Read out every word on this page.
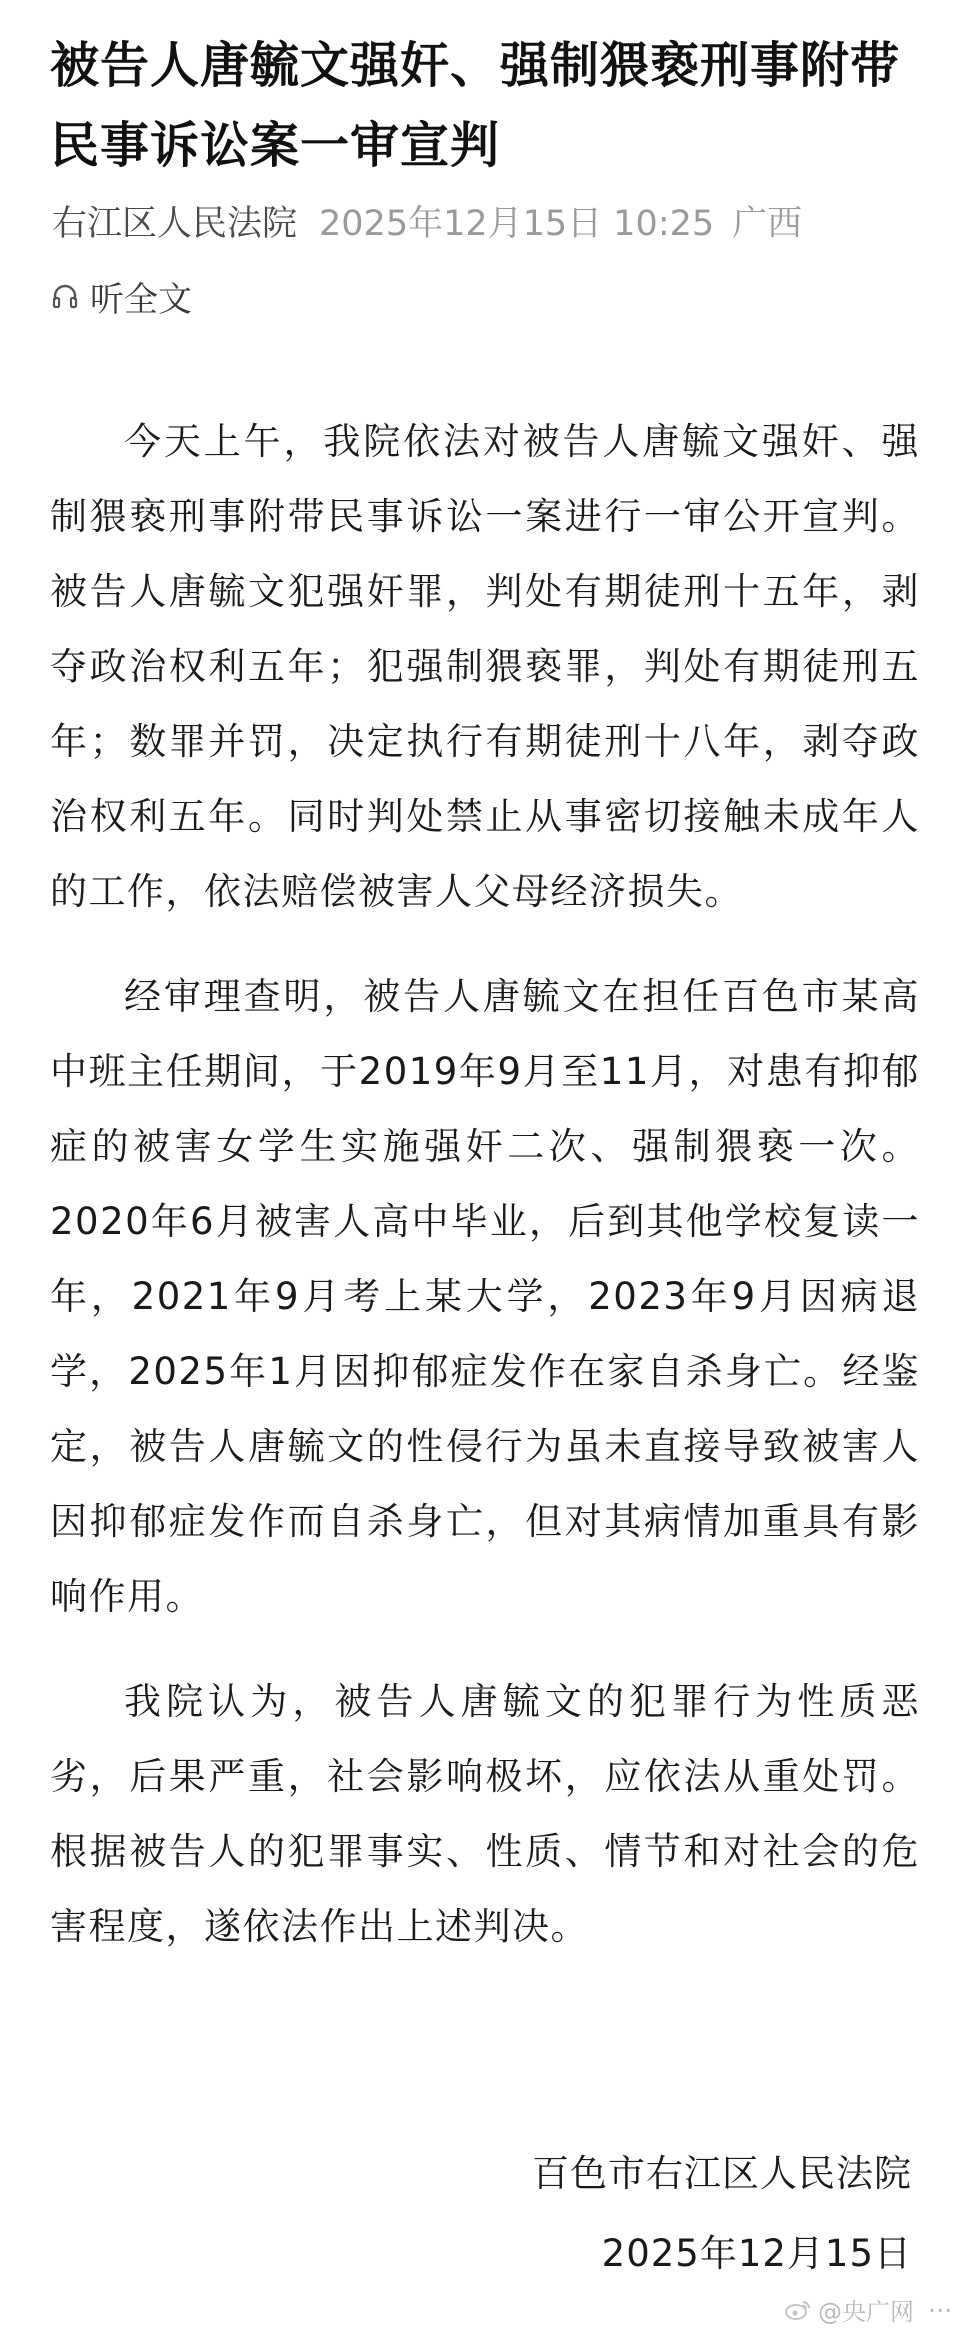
被告人唐毓文强奸、强制猥亵刑事附带民事诉讼案一审宣判
右江区人民法院 2025年12月15日 10:25 广西
听全文

今天上午，我院依法对被告人唐毓文强奸、强制猥亵刑事附带民事诉讼一案进行一审公开宣判。被告人唐毓文犯强奸罪，判处有期徒刑十五年，剥夺政治权利五年；犯强制猥亵罪，判处有期徒刑五年；数罪并罚，决定执行有期徒刑十八年，剥夺政治权利五年。同时判处禁止从事密切接触未成年人的工作，依法赔偿被害人父母经济损失。

经审理查明，被告人唐毓文在担任百色市某高中班主任期间，于2019年9月至11月，对患有抑郁症的被害女学生实施强奸二次、强制猥亵一次。2020年6月被害人高中毕业，后到其他学校复读一年，2021年9月考上某大学，2023年9月因病退学，2025年1月因抑郁症发作在家自杀身亡。经鉴定，被告人唐毓文的性侵行为虽未直接导致被害人因抑郁症发作而自杀身亡，但对其病情加重具有影响作用。

我院认为，被告人唐毓文的犯罪行为性质恶劣，后果严重，社会影响极坏，应依法从重处罚。根据被告人的犯罪事实、性质、情节和对社会的危害程度，遂依法作出上述判决。

百色市右江区人民法院
2025年12月15日
@央广网 ⋯
